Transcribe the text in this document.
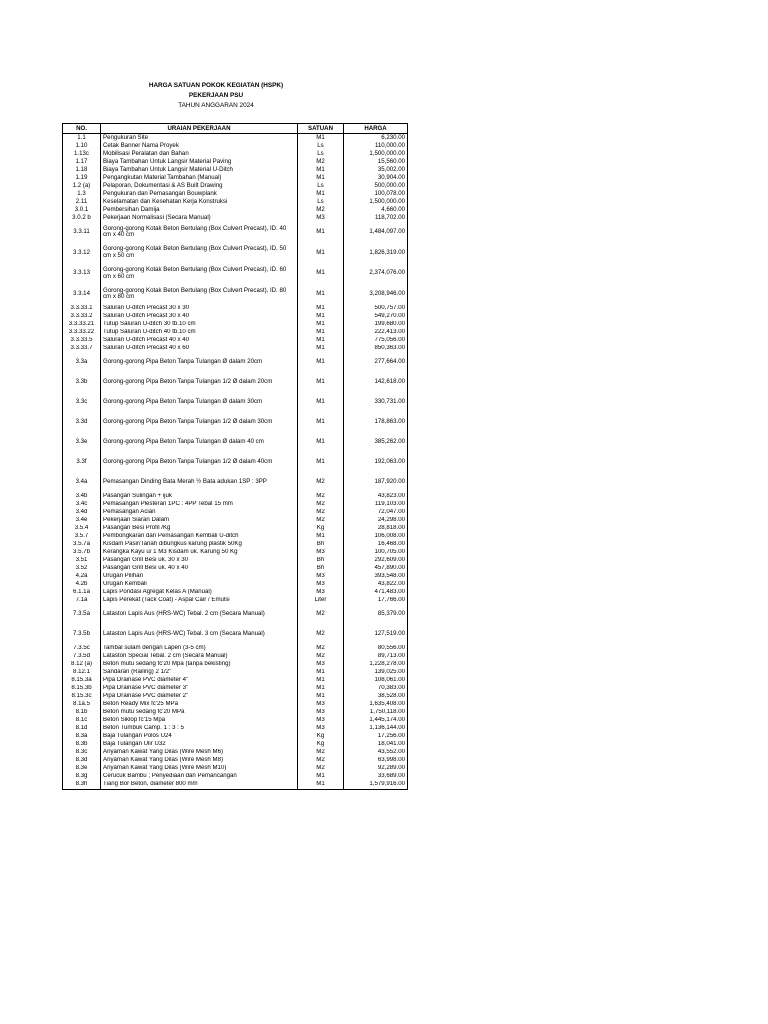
HARGA SATUAN POKOK KEGIATAN (HSPK)
PEKERJAAN PSU
TAHUN ANGGARAN 2024
NO.	URAIAN PEKERJAAN	SATUAN	HARGA
1.1	Pengukuran Site	M1	6,230.00
1.10	Cetak Banner Nama Proyek	Ls	110,000.00
1.13c	Mobilisasi Peralatan dan Bahan	Ls	1,500,000.00
1.17	Biaya Tambahan Untuk Langsir Material Paving	M2	15,560.00
1.18	Biaya Tambahan Untuk Langsir Material U-Ditch	M1	35,002.00
1.19	Pengangkutan Material Tambahan (Manual)	M1	30,904.00
1.2 (a)	Pelaporan, Dokumentasi & AS Built Drawing	Ls	500,000.00
1.3	Pengukuran dan Pemasangan Bouwplank	M1	100,078.00
2.11	Keselamatan dan Kesehatan Kerja Konstruksi	Ls	1,500,000.00
3.0.1	Pembersihan Damija	M2	4,660.00
3.0.2 b	Pekerjaan Normalisasi (Secara Manual)	M3	118,702.00
3.3.11	Gorong-gorong Kotak Beton Bertulang (Box Culvert Precast), ID. 40 cm x 40 cm	M1	1,484,097.00
3.3.12	Gorong-gorong Kotak Beton Bertulang (Box Culvert Precast), ID. 50 cm x 50 cm	M1	1,826,319.00
3.3.13	Gorong-gorong Kotak Beton Bertulang (Box Culvert Precast), ID. 60 cm x 60 cm	M1	2,374,076.00
3.3.14	Gorong-gorong Kotak Beton Bertulang (Box Culvert Precast), ID. 80 cm x 80 cm	M1	3,208,946.00
3.3.33.1	Saluran U-ditch Precast 30 x 30	M1	500,757.00
3.3.33.2	Saluran U-ditch Precast 30 x 40	M1	549,270.00
3.3.33.21	Tutup Saluran U-ditch 30 tb.10 cm	M1	199,680.00
3.3.33.22	Tutup Saluran U-ditch 40 tb.10 cm	M1	222,413.00
3.3.33.5	Saluran U-ditch Precast 40 x 40	M1	775,056.00
3.3.33.7	Saluran U-ditch Precast 40 x 60	M1	850,363.00
3.3a	Gorong-gorong Pipa Beton Tanpa Tulangan Ø dalam 20cm	M1	277,664.00
3.3b	Gorong-gorong Pipa Beton Tanpa Tulangan 1/2 Ø dalam 20cm	M1	142,618.00
3.3c	Gorong-gorong Pipa Beton Tanpa Tulangan Ø dalam 30cm	M1	330,731.00
3.3d	Gorong-gorong Pipa Beton Tanpa Tulangan 1/2 Ø dalam 30cm	M1	178,863.00
3.3e	Gorong-gorong Pipa Beton Tanpa Tulangan Ø dalam 40 cm	M1	385,262.00
3.3f	Gorong-gorong Pipa Beton Tanpa Tulangan 1/2 Ø dalam 40cm	M1	192,063.00
3.4a	Pemasangan Dinding Bata Merah ½ Bata adukan 1SP : 3PP	M2	187,920.00
3.4b	Pasangan Sulingan + ijuk	M2	43,823.00
3.4c	Pemasangan Plesteran 1PC : 4PP Tebal 15 mm	M2	119,103.00
3.4d	Pemasangan Acian	M2	72,047.00
3.4e	Pekerjaan Siaran Dalam	M2	24,298.00
3.5.4	Pasangan Besi Profil /Kg	Kg	28,818.00
3.5.7	Pembongkaran dan Pemasangan Kembali U-ditch	M1	106,008.00
3.5.7a	Kisdam Pasir/Tanah dibungkus karung plastik 50Kg	Bh	16,468.00
3.5.7b	Kerangka Kayu u/ 1 M3 Kisdam uk. Karung 50 Kg	M3	100,705.00
3.51	Pasangan Grill Besi uk. 30 x 30	Bh	292,609.00
3.52	Pasangan Grill Besi uk. 40 x 40	Bh	457,890.00
4.2a	Urugan Pilihan	M3	393,548.00
4.2b	Urugan Kembali	M3	43,822.00
6.1.1a	Lapis Pondasi Agregat Kelas A (Manual)	M3	471,483.00
7.1a	Lapis Perekat (Tack Coat) - Aspal Cair / Emulsi	Liter	17,766.00
7.3.5a	Lataston Lapis Aus (HRS-WC) Tebal. 2 cm (Secara Manual)	M2	85,379.00
7.3.5b	Lataston Lapis Aus (HRS-WC) Tebal. 3 cm (Secara Manual)	M2	127,519.00
7.3.5c	Tambal sulam dengan Lapen (3-5 cm)	M2	80,556.00
7.3.5d	Lataston Special Tebal. 2 cm (Secara Manual)	M2	89,713.00
8.12 (a)	Beton mutu sedang fc'20 Mpa (tanpa bekisting)	M3	1,228,278.00
8.12.1	Sandaran (Railing) 2 1/2"	M1	139,025.00
8.15.3a	Pipa Drainase PVC diameter 4"	M1	108,061.00
8.15.3b	Pipa Drainase PVC diameter 3"	M1	70,383.00
8.15.3c	Pipa Drainase PVC diameter 2"	M1	38,528.00
8.1a.5	Beton Ready Mix fc'25 MPa	M3	1,635,408.00
8.1b	Beton mutu sedang fc'20 MPa	M3	1,750,118.00
8.1c	Beton Siklop fc'15 Mpa	M3	1,445,174.00
8.1d	Beton Tumbuk Camp. 1 : 3 : 5	M3	1,136,144.00
8.3a	Baja Tulangan Polos U24	Kg	17,256.00
8.3b	Baja Tulangan Ulir U32	Kg	18,041.00
8.3c	Anyaman Kawat Yang Dilas (Wire Mesh M6)	M2	43,552.00
8.3d	Anyaman Kawat Yang Dilas (Wire Mesh M8)	M2	63,998.00
8.3e	Anyaman Kawat Yang Dilas (Wire Mesh M10)	M2	92,289.00
8.3g	Cerucuk Bambu ; Penyediaan dan Pemancangan	M1	33,689.00
8.3h	Tiang Bor Beton, diameter 800 mm	M1	1,579,916.00
